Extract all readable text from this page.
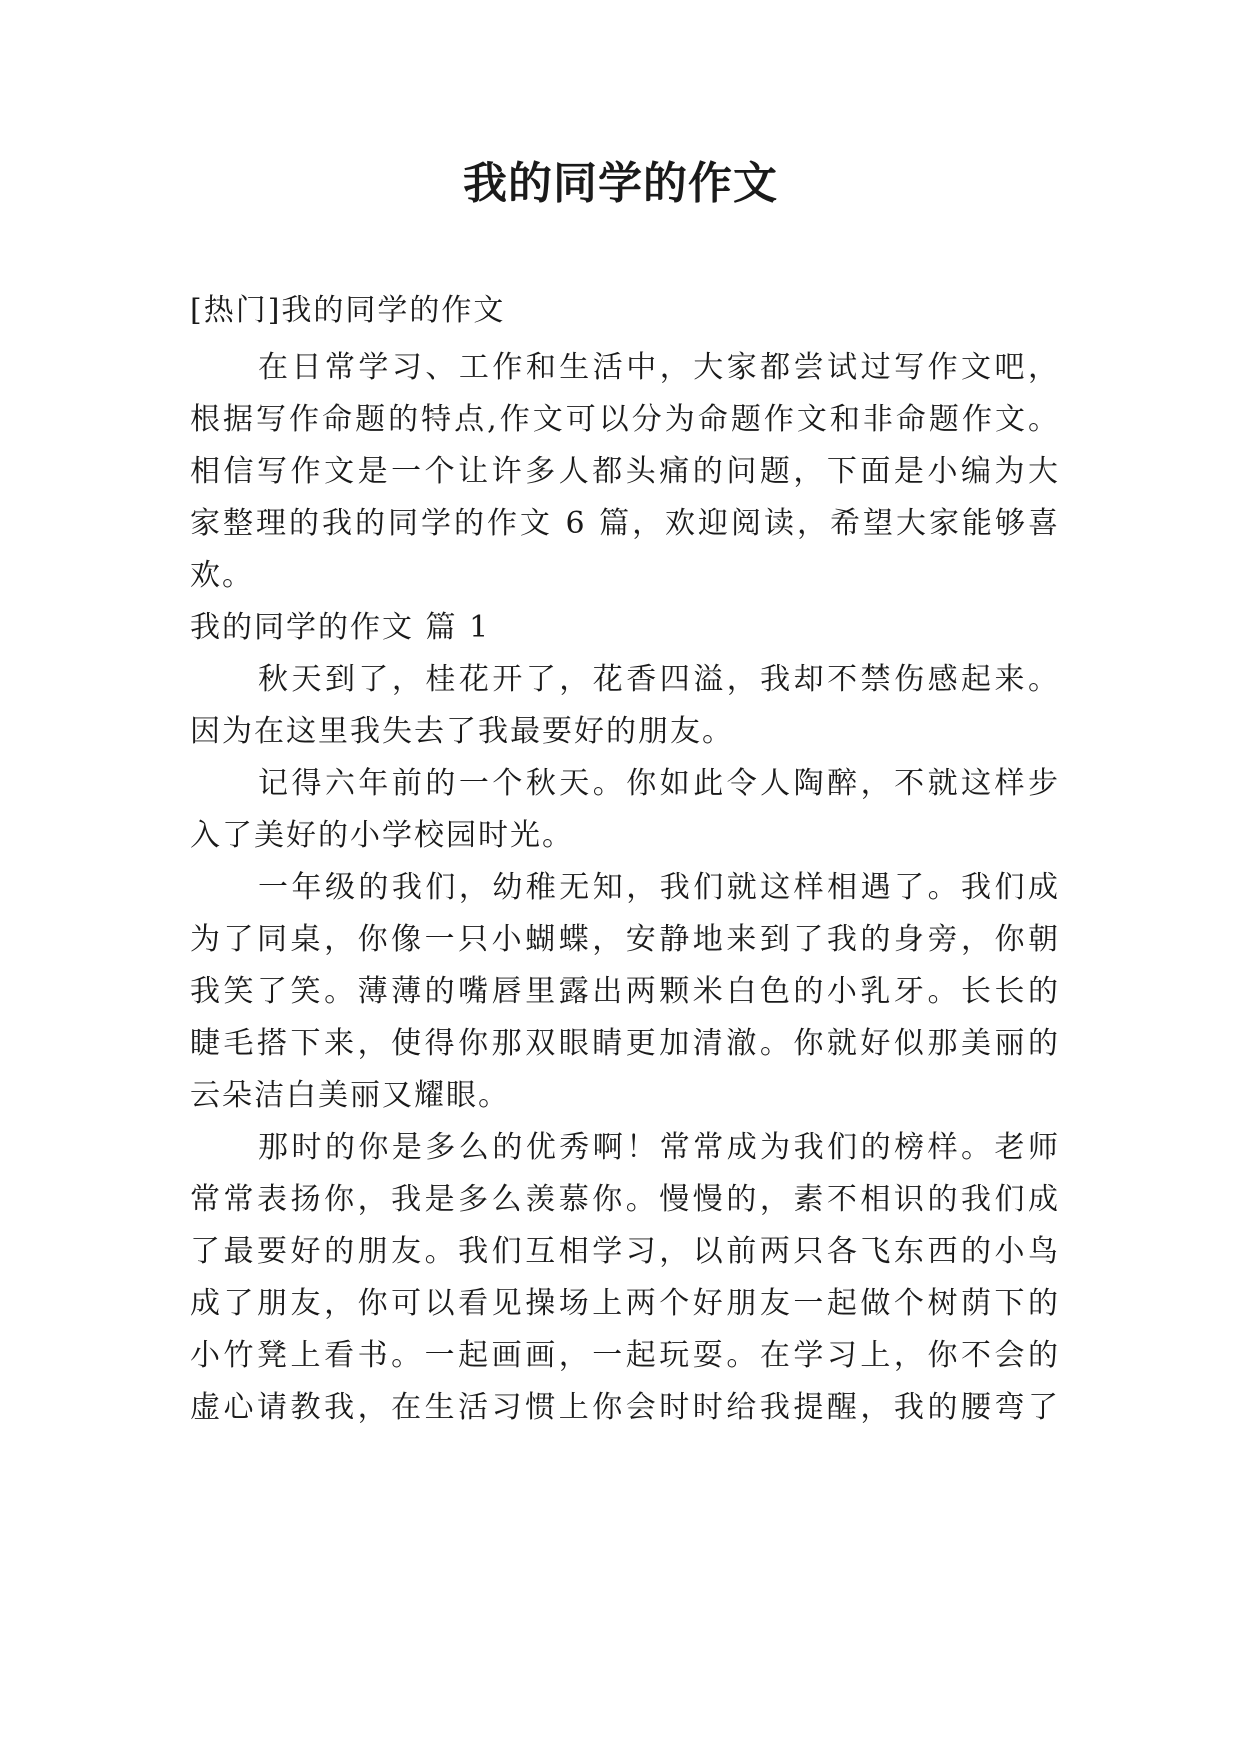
我的同学的作文
[热门]我的同学的作文
在日常学习、工作和生活中，大家都尝试过写作文吧，
根据写作命题的特点,作文可以分为命题作文和非命题作文。
相信写作文是一个让许多人都头痛的问题，下面是小编为大
家整理的我的同学的作文 6 篇，欢迎阅读，希望大家能够喜
欢。
我的同学的作文 篇 1
秋天到了，桂花开了，花香四溢，我却不禁伤感起来。
因为在这里我失去了我最要好的朋友。
记得六年前的一个秋天。你如此令人陶醉，不就这样步
入了美好的小学校园时光。
一年级的我们，幼稚无知，我们就这样相遇了。我们成
为了同桌，你像一只小蝴蝶，安静地来到了我的身旁，你朝
我笑了笑。薄薄的嘴唇里露出两颗米白色的小乳牙。长长的
睫毛搭下来，使得你那双眼睛更加清澈。你就好似那美丽的
云朵洁白美丽又耀眼。
那时的你是多么的优秀啊！常常成为我们的榜样。老师
常常表扬你，我是多么羡慕你。慢慢的，素不相识的我们成
了最要好的朋友。我们互相学习，以前两只各飞东西的小鸟
成了朋友，你可以看见操场上两个好朋友一起做个树荫下的
小竹凳上看书。一起画画，一起玩耍。在学习上，你不会的
虚心请教我，在生活习惯上你会时时给我提醒，我的腰弯了
